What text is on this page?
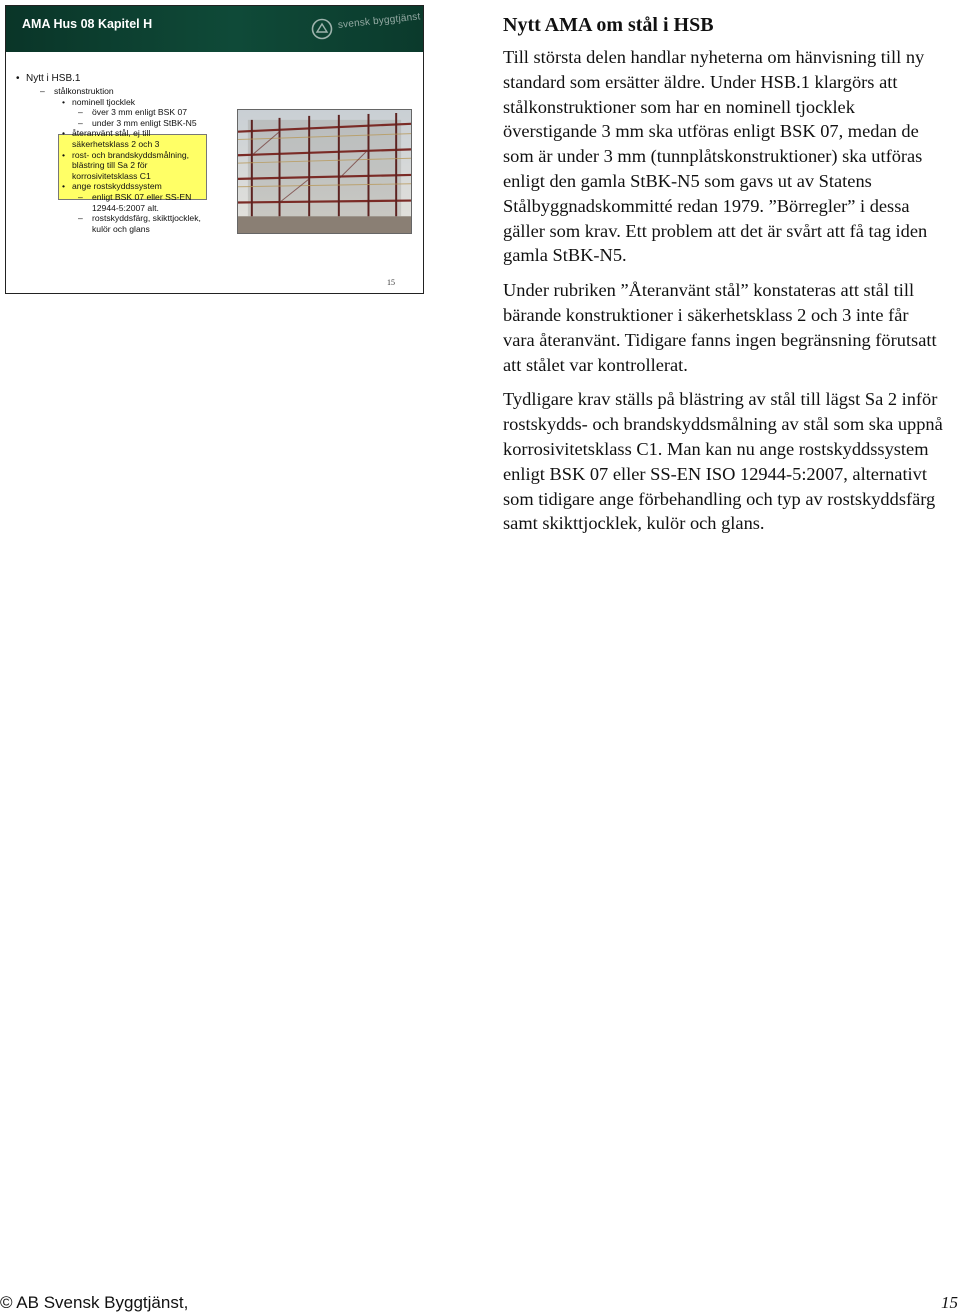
AMA Hus 08 Kapitel H	svensk byggtjänst
• Nytt i HSB.1
– stålkonstruktion
• nominell tjocklek
– över 3 mm enligt BSK 07
– under 3 mm enligt StBK-N5
• återanvänt stål, ej till
säkerhetsklass 2 och 3
• rost- och brandskyddsmålning,
blästring till Sa 2 för
korrosivitetsklass C1
• ange rostskyddssystem
– enligt BSK 07 eller SS-EN
12944-5:2007 alt.
– rostskyddsfärg, skikttjocklek,
kulör och glans
15
Nytt AMA om stål i HSB

Till största delen handlar nyheterna om hänvisning till ny standard som ersätter äldre. Under HSB.1 klargörs att stålkonstruktioner som har en nominell tjocklek överstigande 3 mm ska utföras enligt BSK 07, medan de som är under 3 mm (tunnplåtskonstruktioner) ska utföras enligt den gamla StBK-N5 som gavs ut av Statens Stålbyggnadskommitté redan 1979. ”Börregler” i dessa gäller som krav. Ett problem att det är svårt att få tag iden gamla StBK-N5.

Under rubriken ”Återanvänt stål” konstateras att stål till bärande konstruktioner i säkerhetsklass 2 och 3 inte får vara återanvänt. Tidigare fanns ingen begränsning förutsatt att stålet var kontrollerat.

Tydligare krav ställs på blästring av stål till lägst Sa 2 inför rostskydds- och brandskyddsmålning av stål som ska uppnå korrosivitetsklass C1. Man kan nu ange rostskyddssystem enligt BSK 07 eller SS-EN ISO 12944-5:2007, alternativt som tidigare ange förbehandling och typ av rostskyddsfärg samt skikttjocklek, kulör och glans.

© AB Svensk Byggtjänst,	15
